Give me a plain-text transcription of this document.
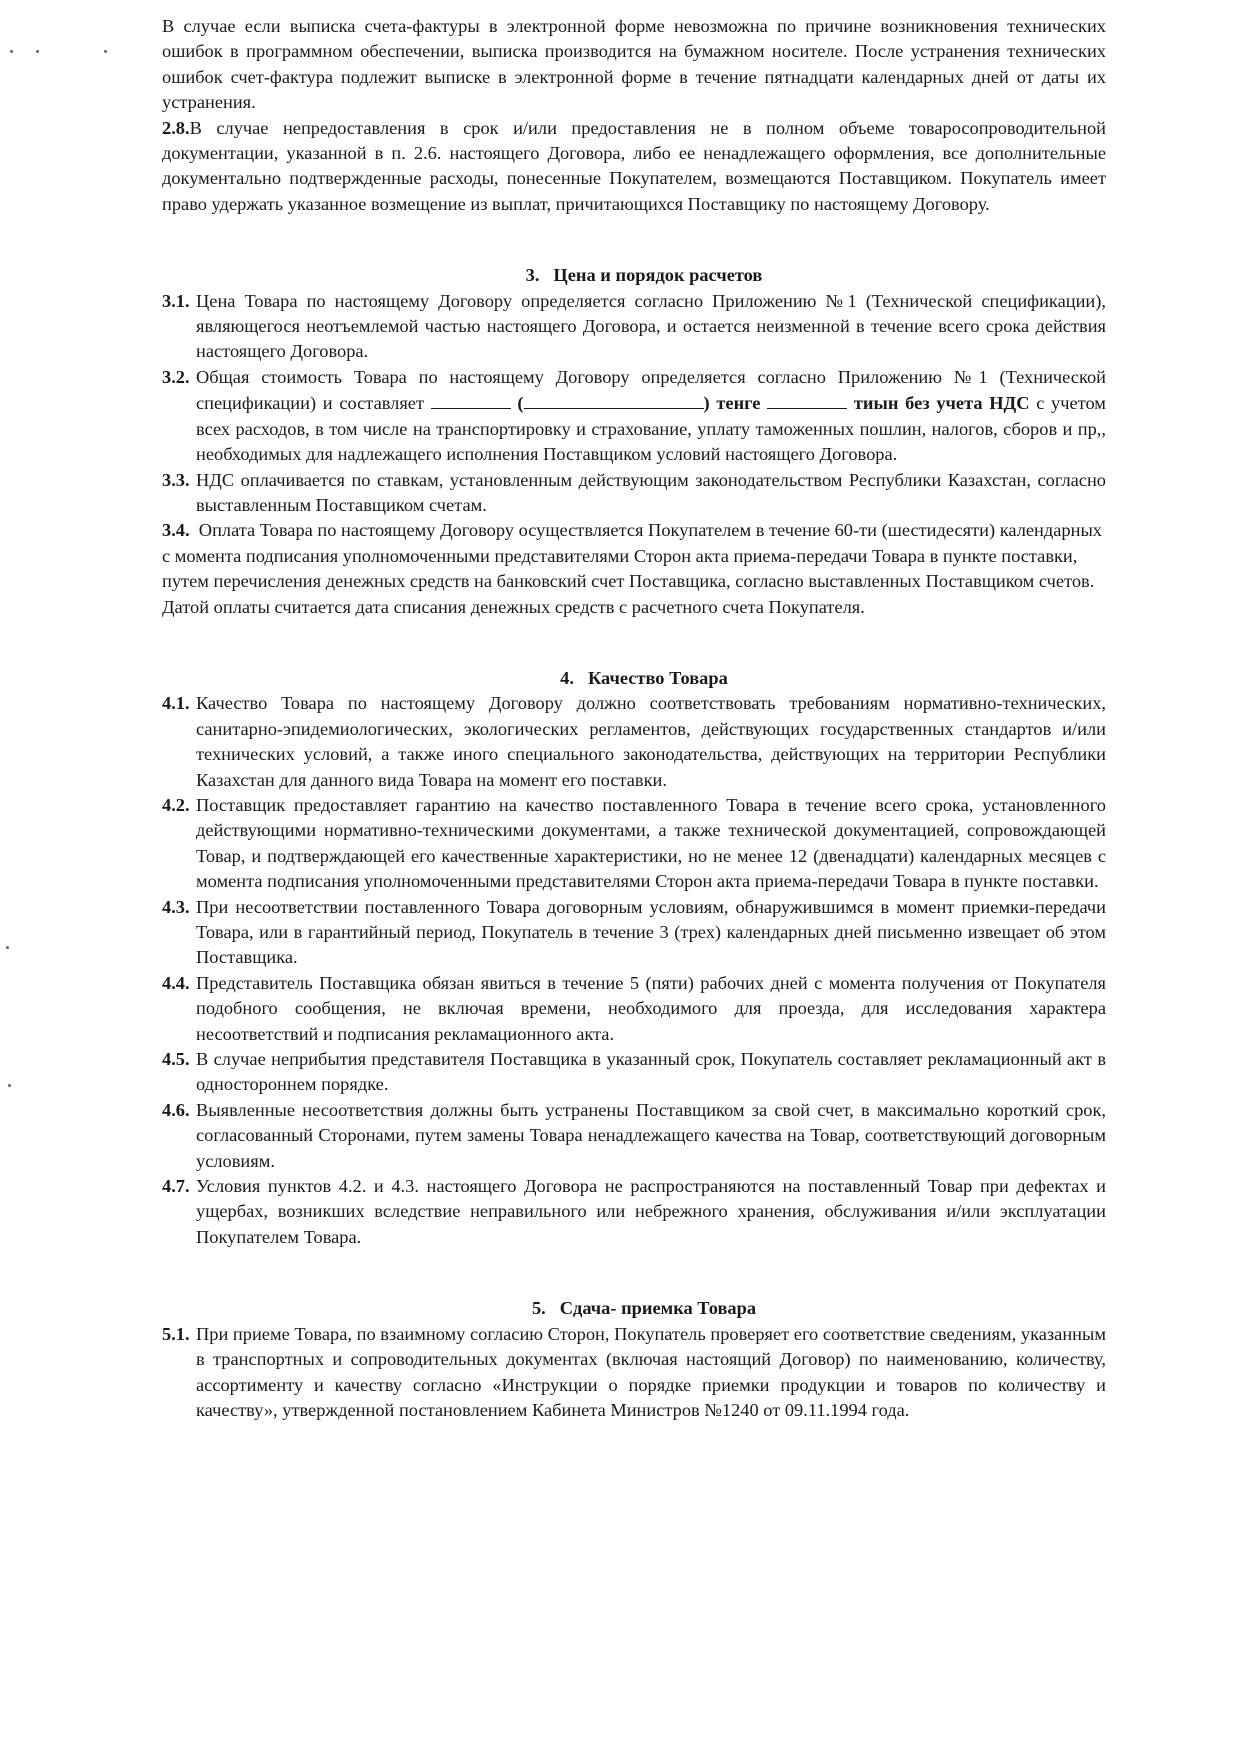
В случае если выписка счета-фактуры в электронной форме невозможна по причине возникновения технических ошибок в программном обеспечении, выписка производится на бумажном носителе. После устранения технических ошибок счет-фактура подлежит выписке в электронной форме в течение пятнадцати календарных дней от даты их устранения.

2.8.В случае непредоставления в срок и/или предоставления не в полном объеме товаросопроводительной документации, указанной в п. 2.6. настоящего Договора, либо ее ненадлежащего оформления, все дополнительные документально подтвержденные расходы, понесенные Покупателем, возмещаются Поставщиком. Покупатель имеет право удержать указанное возмещение из выплат, причитающихся Поставщику по настоящему Договору.

3. Цена и порядок расчетов

3.1. Цена Товара по настоящему Договору определяется согласно Приложению №1 (Технической спецификации), являющегося неотъемлемой частью настоящего Договора, и остается неизменной в течение всего срока действия настоящего Договора.

3.2. Общая стоимость Товара по настоящему Договору определяется согласно Приложению №1 (Технической спецификации) и составляет	(	) тенге	тиын без учета НДС с учетом всех расходов, в том числе на транспортировку и страхование, уплату таможенных пошлин, налогов, сборов и пр,, необходимых для надлежащего исполнения Поставщиком условий настоящего Договора.

3.3. НДС оплачивается по ставкам, установленным действующим законодательством Республики Казахстан, согласно выставленным Поставщиком счетам.

3.4. Оплата Товара по настоящему Договору осуществляется Покупателем в течение 60-ти (шестидесяти) календарных с момента подписания уполномоченными представителями Сторон акта приема-передачи Товара в пункте поставки, путем перечисления денежных средств на банковский счет Поставщика, согласно выставленных Поставщиком счетов. Датой оплаты считается дата списания денежных средств с расчетного счета Покупателя.

4. Качество Товара

4.1. Качество Товара по настоящему Договору должно соответствовать требованиям нормативно-технических, санитарно-эпидемиологических, экологических регламентов, действующих государственных стандартов и/или технических условий, а также иного специального законодательства, действующих на территории Республики Казахстан для данного вида Товара на момент его поставки.

4.2. Поставщик предоставляет гарантию на качество поставленного Товара в течение всего срока, установленного действующими нормативно-техническими документами, а также технической документацией, сопровождающей Товар, и подтверждающей его качественные характеристики, но не менее 12 (двенадцати) календарных месяцев с момента подписания уполномоченными представителями Сторон акта приема-передачи Товара в пункте поставки.

4.3. При несоответствии поставленного Товара договорным условиям, обнаружившимся в момент приемки-передачи Товара, или в гарантийный период, Покупатель в течение 3 (трех) календарных дней письменно извещает об этом Поставщика.

4.4. Представитель Поставщика обязан явиться в течение 5 (пяти) рабочих дней с момента получения от Покупателя подобного сообщения, не включая времени, необходимого для проезда, для исследования характера несоответствий и подписания рекламационного акта.

4.5. В случае неприбытия представителя Поставщика в указанный срок, Покупатель составляет рекламационный акт в одностороннем порядке.

4.6. Выявленные несоответствия должны быть устранены Поставщиком за свой счет, в максимально короткий срок, согласованный Сторонами, путем замены Товара ненадлежащего качества на Товар, соответствующий договорным условиям.

4.7. Условия пунктов 4.2. и 4.3. настоящего Договора не распространяются на поставленный Товар при дефектах и ущербах, возникших вследствие неправильного или небрежного хранения, обслуживания и/или эксплуатации Покупателем Товара.

5. Сдача- приемка Товара

5.1. При приеме Товара, по взаимному согласию Сторон, Покупатель проверяет его соответствие сведениям, указанным в транспортных и сопроводительных документах (включая настоящий Договор) по наименованию, количеству, ассортименту и качеству согласно «Инструкции о порядке приемки продукции и товаров по количеству и качеству», утвержденной постановлением Кабинета Министров №1240 от 09.11.1994 года.
